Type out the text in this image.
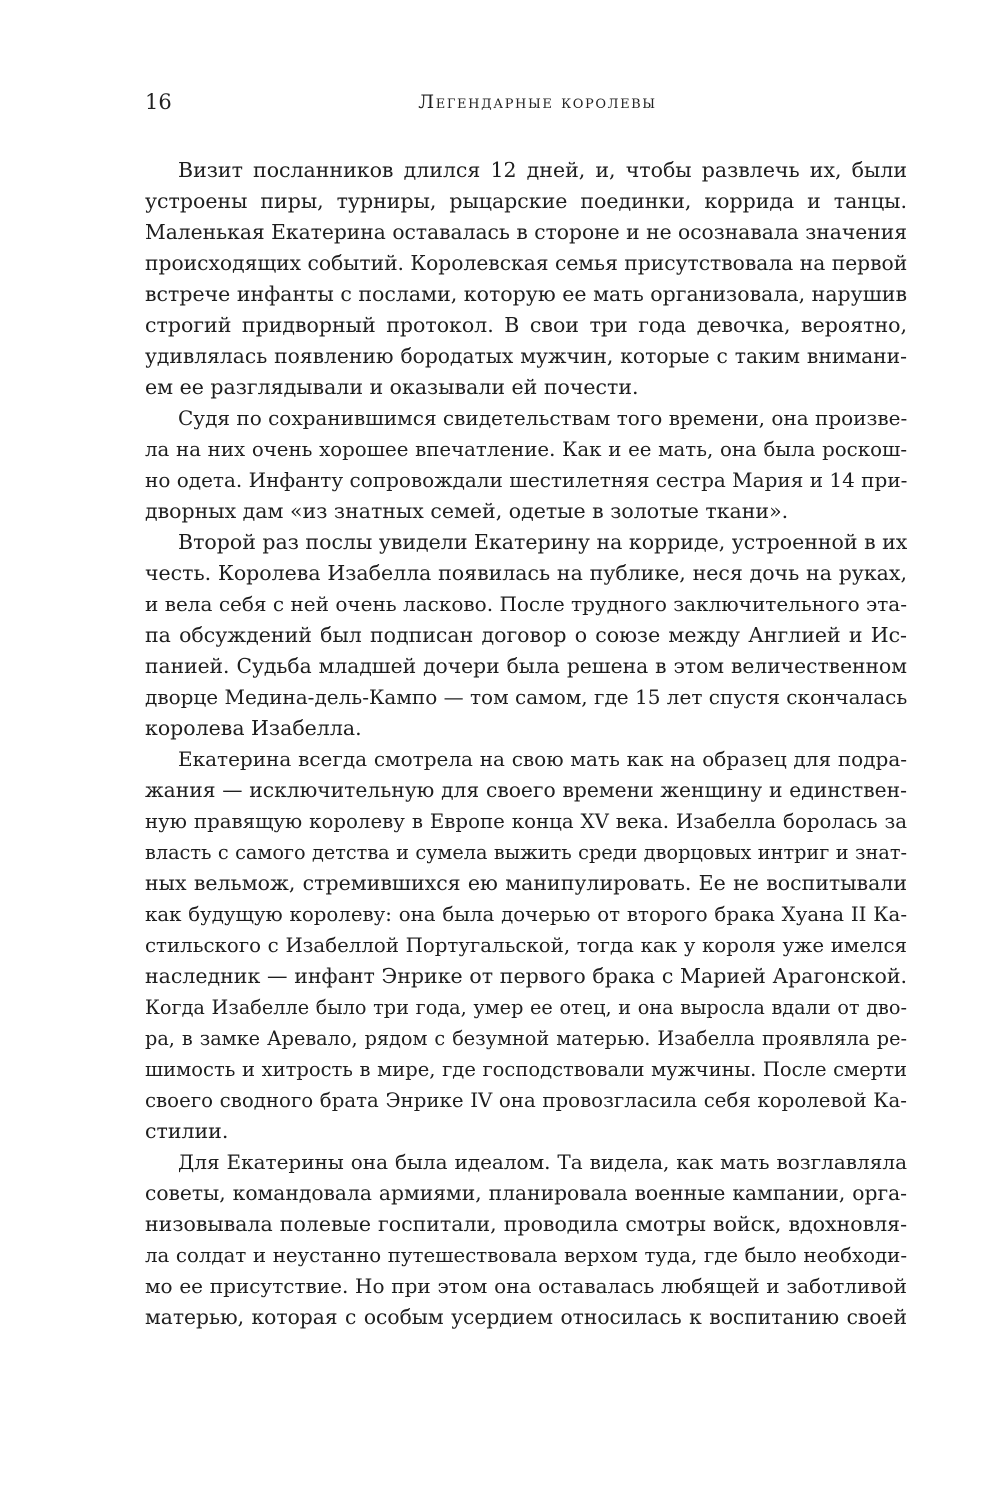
16	Легендарные королевы
Визит посланников длился 12 дней, и, чтобы развлечь их, были
устроены пиры, турниры, рыцарские поединки, коррида и танцы.
Маленькая Екатерина оставалась в стороне и не осознавала значения
происходящих событий. Королевская семья присутствовала на первой
встрече инфанты с послами, которую ее мать организовала, нарушив
строгий придворный протокол. В свои три года девочка, вероятно,
удивлялась появлению бородатых мужчин, которые с таким внимани-
ем ее разглядывали и оказывали ей почести.
Судя по сохранившимся свидетельствам того времени, она произве-
ла на них очень хорошее впечатление. Как и ее мать, она была роскош-
но одета. Инфанту сопровождали шестилетняя сестра Мария и 14 при-
дворных дам «из знатных семей, одетые в золотые ткани».
Второй раз послы увидели Екатерину на корриде, устроенной в их
честь. Королева Изабелла появилась на публике, неся дочь на руках,
и вела себя с ней очень ласково. После трудного заключительного эта-
па обсуждений был подписан договор о союзе между Англией и Ис-
панией. Судьба младшей дочери была решена в этом величественном
дворце Медина-дель-Кампо — том самом, где 15 лет спустя скончалась
королева Изабелла.
Екатерина всегда смотрела на свою мать как на образец для подра-
жания — исключительную для своего времени женщину и единствен-
ную правящую королеву в Европе конца XV века. Изабелла боролась за
власть с самого детства и сумела выжить среди дворцовых интриг и знат-
ных вельмож, стремившихся ею манипулировать. Ее не воспитывали
как будущую королеву: она была дочерью от второго брака Хуана II Ка-
стильского с Изабеллой Португальской, тогда как у короля уже имелся
наследник — инфант Энрике от первого брака с Марией Арагонской.
Когда Изабелле было три года, умер ее отец, и она выросла вдали от дво-
ра, в замке Аревало, рядом с безумной матерью. Изабелла проявляла ре-
шимость и хитрость в мире, где господствовали мужчины. После смерти
своего сводного брата Энрике IV она провозгласила себя королевой Ка-
стилии.
Для Екатерины она была идеалом. Та видела, как мать возглавляла
советы, командовала армиями, планировала военные кампании, орга-
низовывала полевые госпитали, проводила смотры войск, вдохновля-
ла солдат и неустанно путешествовала верхом туда, где было необходи-
мо ее присутствие. Но при этом она оставалась любящей и заботливой
матерью, которая с особым усердием относилась к воспитанию своей
